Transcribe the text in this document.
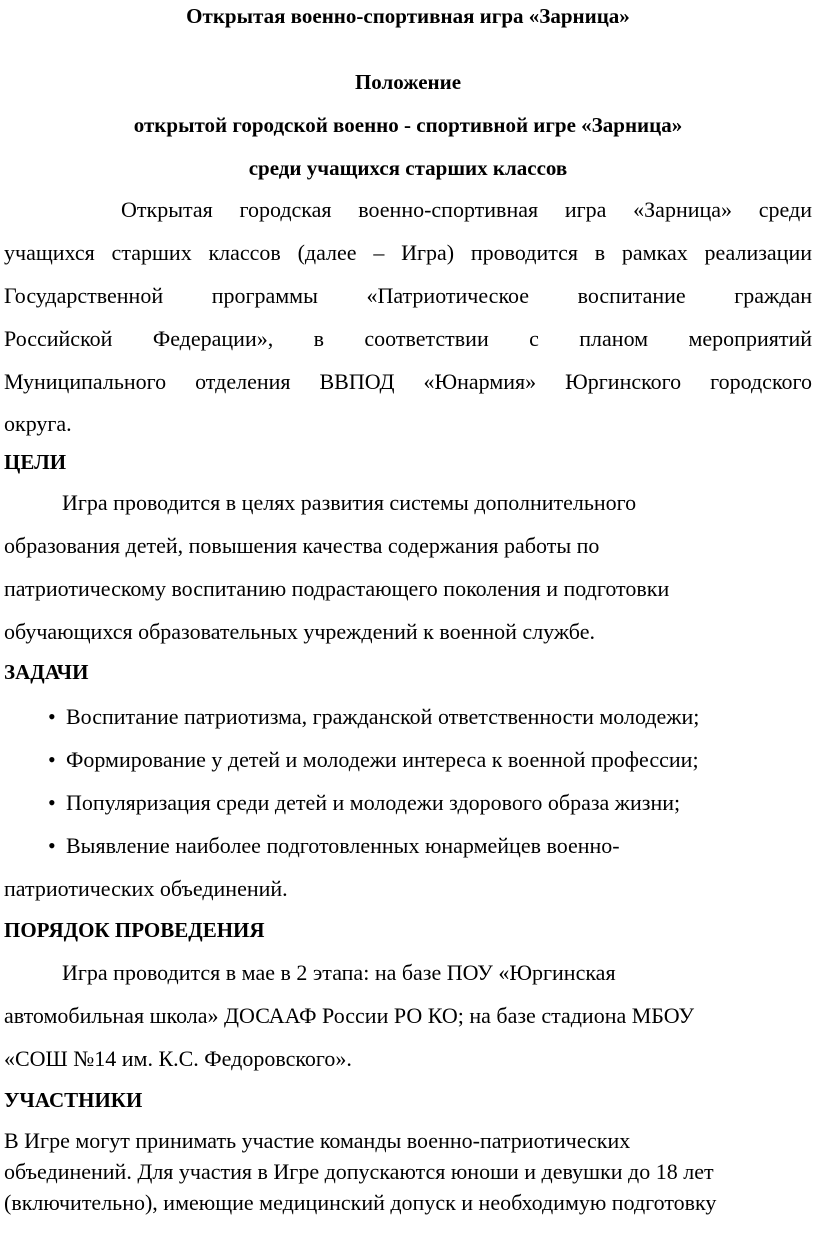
Открытая военно-спортивная игра «Зарница»
Положение
открытой городской военно - спортивной игре «Зарница»
среди учащихся старших классов
Открытая городская военно-спортивная игра «Зарница» среди
учащихся старших классов (далее – Игра) проводится в рамках реализации
Государственной программы «Патриотическое воспитание граждан
Российской Федерации», в соответствии с планом мероприятий
Муниципального отделения ВВПОД «Юнармия» Юргинского городского
округа.
ЦЕЛИ
Игра проводится в целях развития системы дополнительного
образования детей, повышения качества содержания работы по
патриотическому воспитанию подрастающего поколения и подготовки
обучающихся образовательных учреждений к военной службе.
ЗАДАЧИ
• Воспитание патриотизма, гражданской ответственности молодежи;
• Формирование у детей и молодежи интереса к военной профессии;
• Популяризация среди детей и молодежи здорового образа жизни;
• Выявление наиболее подготовленных юнармейцев военно-
патриотических объединений.
ПОРЯДОК ПРОВЕДЕНИЯ
Игра проводится в мае в 2 этапа: на базе ПОУ «Юргинская
автомобильная школа» ДОСААФ России РО КО; на базе стадиона МБОУ
«СОШ №14 им. К.С. Федоровского».
УЧАСТНИКИ
В Игре могут принимать участие команды военно-патриотических
объединений. Для участия в Игре допускаются юноши и девушки до 18 лет
(включительно), имеющие медицинский допуск и необходимую подготовку
